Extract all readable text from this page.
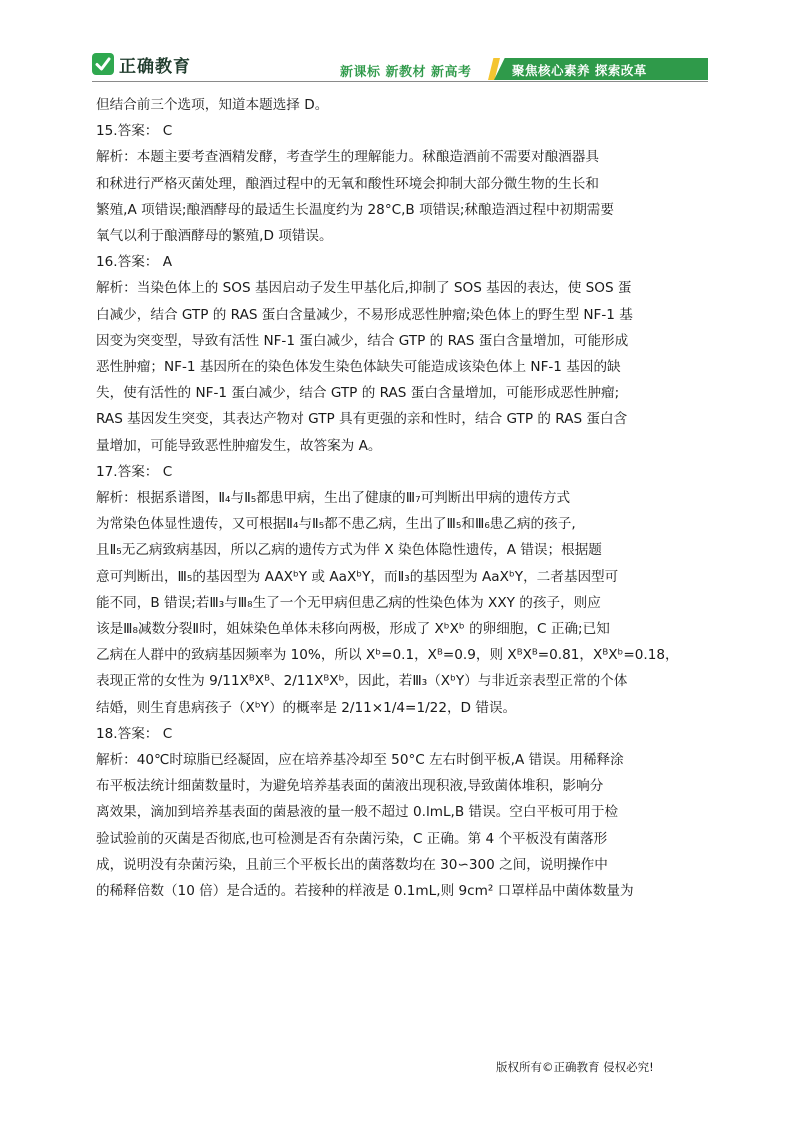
正确教育	新课标 新教材 新高考	聚焦核心素养 探索改革

但结合前三个选项，知道本题选择 D。

15.答案： C

解析：本题主要考查酒精发酵，考查学生的理解能力。秫酿造酒前不需要对酿酒器具

和秫进行严格灭菌处理，酿酒过程中的无氧和酸性环境会抑制大部分微生物的生长和

繁殖,A 项错误;酿酒酵母的最适生长温度约为 28°C,B 项错误;秫酿造酒过程中初期需要

氧气以利于酿酒酵母的繁殖,D 项错误。

16.答案： A

解析：当染色体上的 SOS 基因启动子发生甲基化后,抑制了 SOS 基因的表达，使 SOS 蛋

白减少，结合 GTP 的 RAS 蛋白含量减少，不易形成恶性肿瘤;染色体上的野生型 NF-1 基

因变为突变型，导致有活性 NF-1 蛋白减少，结合 GTP 的 RAS 蛋白含量增加，可能形成

恶性肿瘤；NF-1 基因所在的染色体发生染色体缺失可能造成该染色体上 NF-1 基因的缺

失，使有活性的 NF-1 蛋白减少，结合 GTP 的 RAS 蛋白含量增加，可能形成恶性肿瘤;

RAS 基因发生突变，其表达产物对 GTP 具有更强的亲和性时，结合 GTP 的 RAS 蛋白含

量增加，可能导致恶性肿瘤发生，故答案为 A。

17.答案： C

解析：根据系谱图，Ⅱ₄与Ⅱ₅都患甲病，生出了健康的Ⅲ₇可判断出甲病的遗传方式

为常染色体显性遗传，又可根据Ⅱ₄与Ⅱ₅都不患乙病，生出了Ⅲ₅和Ⅲ₆患乙病的孩子,

且Ⅱ₅无乙病致病基因，所以乙病的遗传方式为伴 X 染色体隐性遗传，A 错误；根据题

意可判断出，Ⅲ₅的基因型为 AAXᵇY 或 AaXᵇY，而Ⅱ₃的基因型为 AaXᵇY，二者基因型可

能不同，B 错误;若Ⅲ₃与Ⅲ₈生了一个无甲病但患乙病的性染色体为 XXY 的孩子，则应

该是Ⅲ₈减数分裂Ⅱ时，姐妹染色单体未移向两极，形成了 XᵇXᵇ 的卵细胞，C 正确;已知

乙病在人群中的致病基因频率为 10%，所以 Xᵇ=0.1，Xᴮ=0.9，则 XᴮXᴮ=0.81，XᴮXᵇ=0.18，

表现正常的女性为 9/11XᴮXᴮ、2/11XᴮXᵇ，因此，若Ⅲ₃（XᵇY）与非近亲表型正常的个体

结婚，则生育患病孩子（XᵇY）的概率是 2/11×1/4=1/22，D 错误。

18.答案： C

解析：40℃时琼脂已经凝固，应在培养基冷却至 50°C 左右时倒平板,A 错误。用稀释涂

布平板法统计细菌数量时，为避免培养基表面的菌液出现积液,导致菌体堆积，影响分

离效果，滴加到培养基表面的菌悬液的量一般不超过 0.lmL,B 错误。空白平板可用于检

验试验前的灭菌是否彻底,也可检测是否有杂菌污染，C 正确。第 4 个平板没有菌落形

成，说明没有杂菌污染，且前三个平板长出的菌落数均在 30∽300 之间，说明操作中

的稀释倍数（10 倍）是合适的。若接种的样液是 0.1mL,则 9cm² 口罩样品中菌体数量为

版权所有©正确教育 侵权必究!
